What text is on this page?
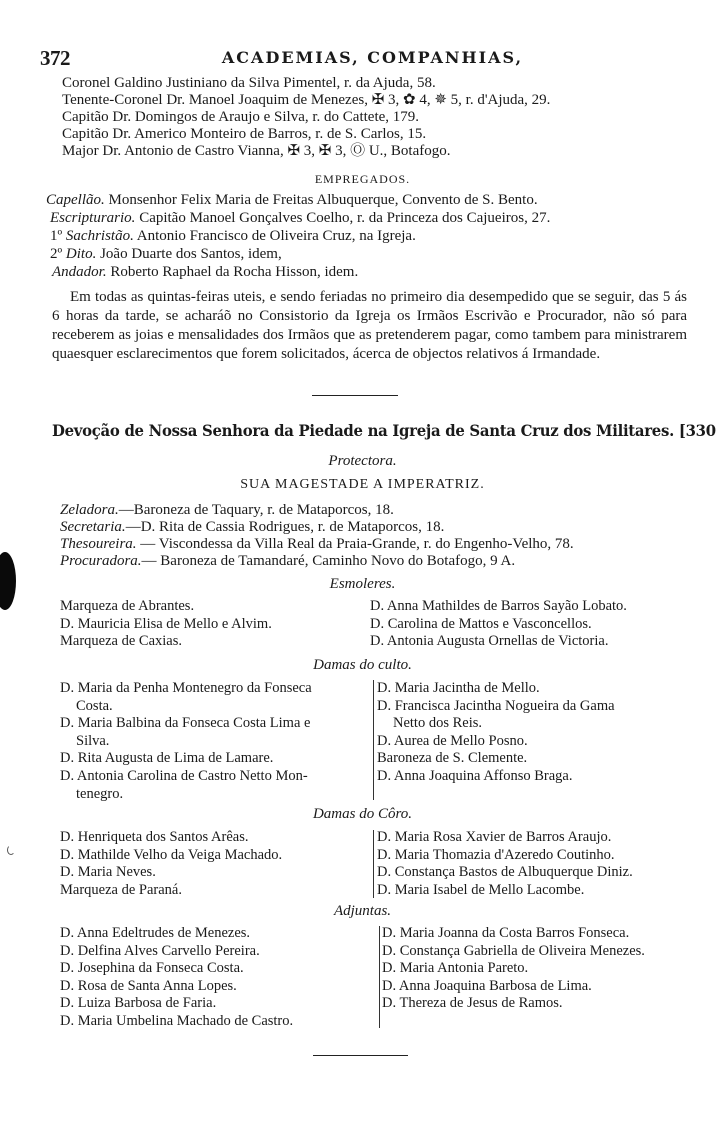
372	ACADEMIAS, COMPANHIAS,
Coronel Galdino Justiniano da Silva Pimentel, r. da Ajuda, 58.
Tenente-Coronel Dr. Manoel Joaquim de Menezes, ✠ 3, ✿ 4, ✵ 5, r. d'Ajuda, 29.
Capitão Dr. Domingos de Araujo e Silva, r. do Cattete, 179.
Capitão Dr. Americo Monteiro de Barros, r. de S. Carlos, 15.
Major Dr. Antonio de Castro Vianna, ✠ 3, ✠ 3, Ⓞ U., Botafogo.
EMPREGADOS.
Capellão. Monsenhor Felix Maria de Freitas Albuquerque, Convento de S. Bento.
Escripturario. Capitão Manoel Gonçalves Coelho, r. da Princeza dos Cajueiros, 27.
1º Sachristão. Antonio Francisco de Oliveira Cruz, na Igreja.
2º Dito. João Duarte dos Santos, idem,
Andador. Roberto Raphael da Rocha Hisson, idem.
Em todas as quintas-feiras uteis, e sendo feriadas no primeiro dia desempedido que se seguir, das 5 ás 6 horas da tarde, se acharáõ no Consistorio da Igreja os Irmãos Escrivão e Procurador, não só para receberem as joias e mensalidades dos Irmãos que as pretenderem pagar, como tambem para ministrarem quaesquer esclarecimentos que forem solicitados, ácerca de objectos relativos á Irmandade.
Devoção de Nossa Senhora da Piedade na Igreja de Santa Cruz dos Militares. [330
Protectora.
SUA MAGESTADE A IMPERATRIZ.
Zeladora.—Baroneza de Taquary, r. de Mataporcos, 18.
Secretaria.—D. Rita de Cassia Rodrigues, r. de Mataporcos, 18.
Thesoureira. — Viscondessa da Villa Real da Praia-Grande, r. do Engenho-Velho, 78.
Procuradora.— Baroneza de Tamandaré, Caminho Novo do Botafogo, 9 A.
Esmoleres.
Marqueza de Abrantes.
D. Mauricia Elisa de Mello e Alvim.
Marqueza de Caxias.
D. Anna Mathildes de Barros Sayão Lobato.
D. Carolina de Mattos e Vasconcellos.
D. Antonia Augusta Ornellas de Victoria.
Damas do culto.
D. Maria da Penha Montenegro da Fonseca
Costa.
D. Maria Balbina da Fonseca Costa Lima e
Silva.
D. Rita Augusta de Lima de Lamare.
D. Antonia Carolina de Castro Netto Mon-
tenegro.
D. Maria Jacintha de Mello.
D. Francisca Jacintha Nogueira da Gama
Netto dos Reis.
D. Aurea de Mello Posno.
Baroneza de S. Clemente.
D. Anna Joaquina Affonso Braga.
Damas do Côro.
D. Henriqueta dos Santos Arêas.
D. Mathilde Velho da Veiga Machado.
D. Maria Neves.
Marqueza de Paraná.
D. Maria Rosa Xavier de Barros Araujo.
D. Maria Thomazia d'Azeredo Coutinho.
D. Constança Bastos de Albuquerque Diniz.
D. Maria Isabel de Mello Lacombe.
Adjuntas.
D. Anna Edeltrudes de Menezes.
D. Delfina Alves Carvello Pereira.
D. Josephina da Fonseca Costa.
D. Rosa de Santa Anna Lopes.
D. Luiza Barbosa de Faria.
D. Maria Umbelina Machado de Castro.
D. Maria Joanna da Costa Barros Fonseca.
D. Constança Gabriella de Oliveira Menezes.
D. Maria Antonia Pareto.
D. Anna Joaquina Barbosa de Lima.
D. Thereza de Jesus de Ramos.
